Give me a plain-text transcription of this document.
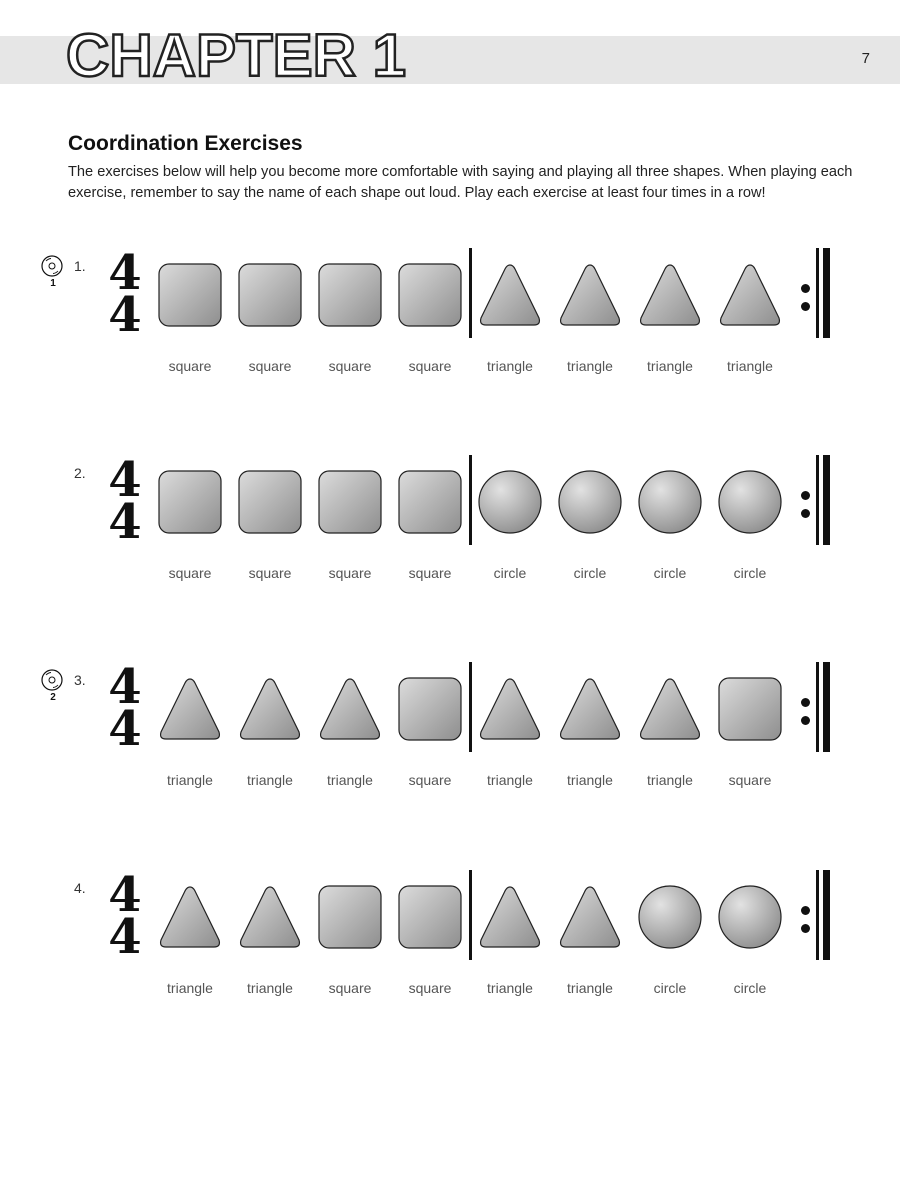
CHAPTER 1	7
Coordination Exercises
The exercises below will help you become more comfortable with saying and playing all three shapes. When playing each exercise, remember to say the name of each shape out loud. Play each exercise at least four times in a row!
1
1. 4
4
square	square	square	square	triangle	triangle	triangle	triangle
2. 4
4
square	square	square	square	circle	circle	circle	circle
2
3. 4
4
triangle	triangle	triangle	square	triangle	triangle	triangle	square
4. 4
4
triangle	triangle	square	square	triangle	triangle	circle	circle
